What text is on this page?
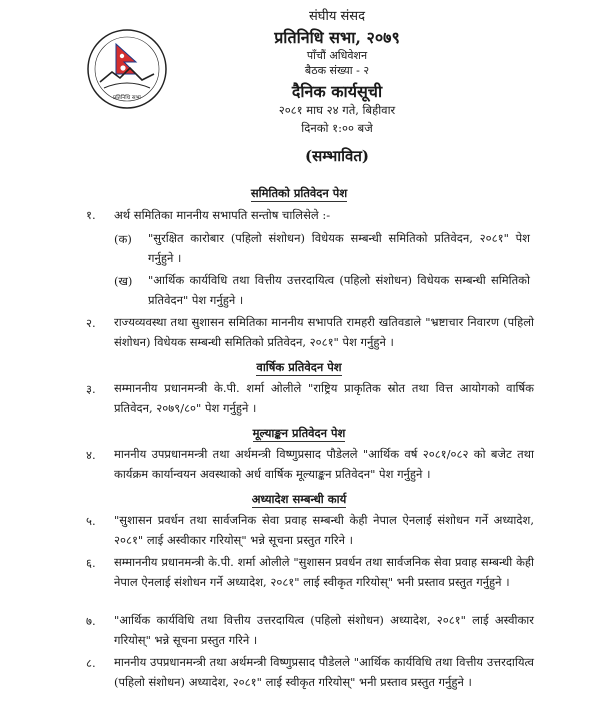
प्रतिनिधि सभा
संघीय संसद
प्रतिनिधि सभा, २०७९
पाँचौं अधिवेशन
बैठक संख्या - २
दैनिक कार्यसूची
२०८१ माघ २४ गते, बिहीवार
दिनको १:०० बजे
(सम्भावित)
समितिको प्रतिवेदन पेश
१. अर्थ समितिका माननीय सभापति सन्तोष चालिसेले :-
(क) "सुरक्षित कारोबार (पहिलो संशोधन) विधेयक सम्बन्धी समितिको प्रतिवेदन, २०८१" पेश गर्नुहुने ।
(ख) "आर्थिक कार्यविधि तथा वित्तीय उत्तरदायित्व (पहिलो संशोधन) विधेयक सम्बन्धी समितिको प्रतिवेदन" पेश गर्नुहुने ।
२. राज्यव्यवस्था तथा सुशासन समितिका माननीय सभापति रामहरी खतिवडाले "भ्रष्टाचार निवारण (पहिलो संशोधन) विधेयक सम्बन्धी समितिको प्रतिवेदन, २०८१" पेश गर्नुहुने ।
वार्षिक प्रतिवेदन पेश
३. सम्माननीय प्रधानमन्त्री के.पी. शर्मा ओलीले "राष्ट्रिय प्राकृतिक स्रोत तथा वित्त आयोगको वार्षिक प्रतिवेदन, २०७९/८०" पेश गर्नुहुने ।
मूल्याङ्कन प्रतिवेदन पेश
४. माननीय उपप्रधानमन्त्री तथा अर्थमन्त्री विष्णुप्रसाद पौडेलले "आर्थिक वर्ष २०८१/०८२ को बजेट तथा कार्यक्रम कार्यान्वयन अवस्थाको अर्ध वार्षिक मूल्याङ्कन प्रतिवेदन" पेश गर्नुहुने ।
अध्यादेश सम्बन्धी कार्य
५. "सुशासन प्रवर्धन तथा सार्वजनिक सेवा प्रवाह सम्बन्धी केही नेपाल ऐनलाई संशोधन गर्ने अध्यादेश, २०८१" लाई अस्वीकार गरियोस्" भन्ने सूचना प्रस्तुत गरिने ।
६. सम्माननीय प्रधानमन्त्री के.पी. शर्मा ओलीले "सुशासन प्रवर्धन तथा सार्वजनिक सेवा प्रवाह सम्बन्धी केही नेपाल ऐनलाई संशोधन गर्ने अध्यादेश, २०८१" लाई स्वीकृत गरियोस्" भनी प्रस्ताव प्रस्तुत गर्नुहुने ।
७. "आर्थिक कार्यविधि तथा वित्तीय उत्तरदायित्व (पहिलो संशोधन) अध्यादेश, २०८१" लाई अस्वीकार गरियोस्" भन्ने सूचना प्रस्तुत गरिने ।
८. माननीय उपप्रधानमन्त्री तथा अर्थमन्त्री विष्णुप्रसाद पौडेलले "आर्थिक कार्यविधि तथा वित्तीय उत्तरदायित्व (पहिलो संशोधन) अध्यादेश, २०८१" लाई स्वीकृत गरियोस्" भनी प्रस्ताव प्रस्तुत गर्नुहुने ।
